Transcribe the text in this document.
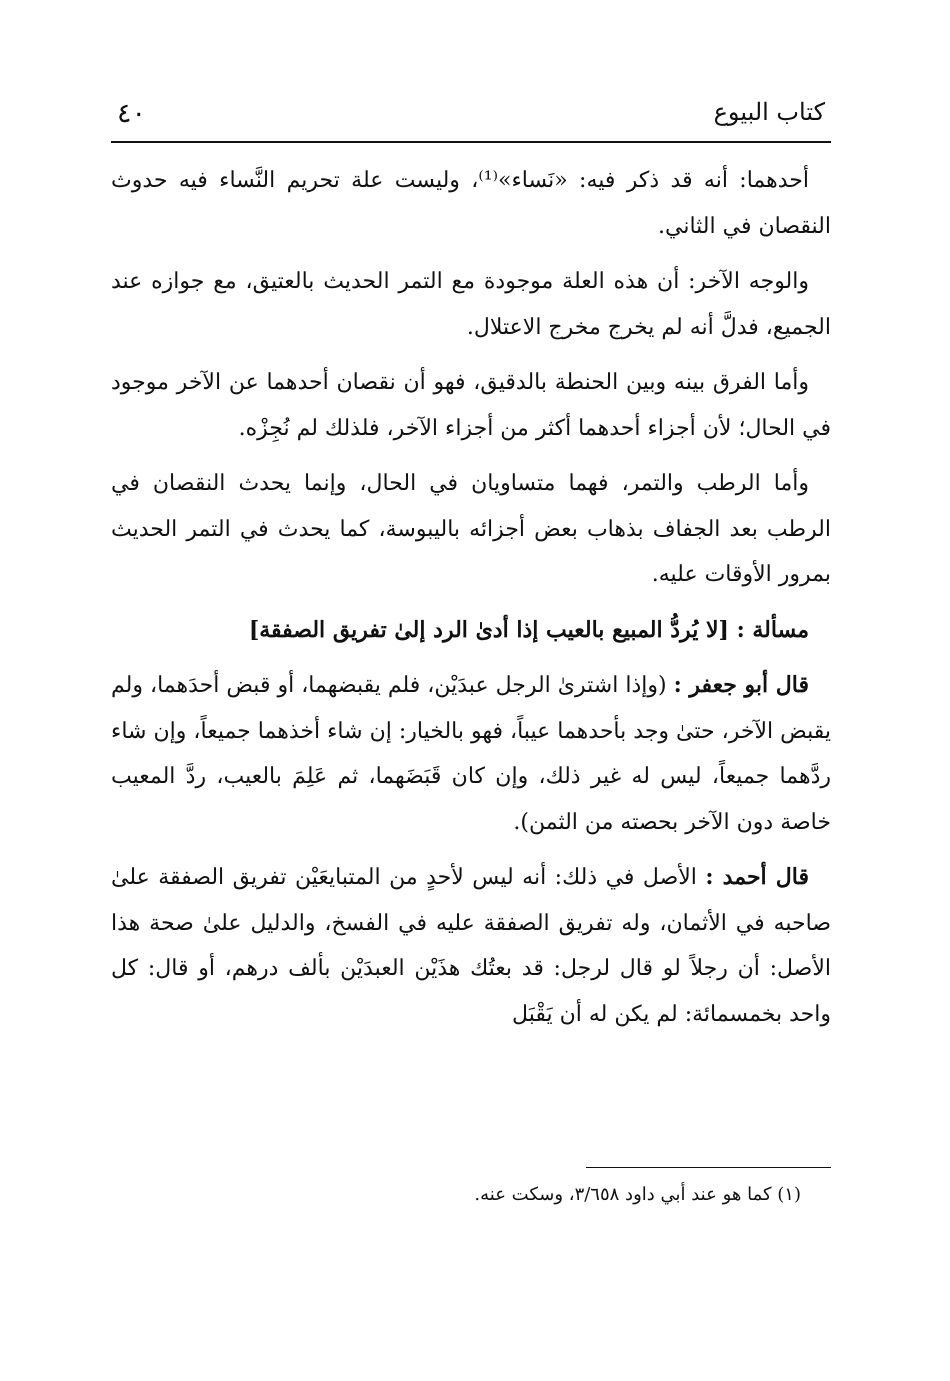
٤٠	كتاب البيوع

أحدهما: أنه قد ذكر فيه: «نَساء»⁽¹⁾، وليست علة تحريم النَّساء فيه حدوث النقصان في الثاني.

والوجه الآخر: أن هذه العلة موجودة مع التمر الحديث بالعتيق، مع جوازه عند الجميع، فدلَّ أنه لم يخرج مخرج الاعتلال.

وأما الفرق بينه وبين الحنطة بالدقيق، فهو أن نقصان أحدهما عن الآخر موجود في الحال؛ لأن أجزاء أحدهما أكثر من أجزاء الآخر، فلذلك لم نُجِزْه.

وأما الرطب والتمر، فهما متساويان في الحال، وإنما يحدث النقصان في الرطب بعد الجفاف بذهاب بعض أجزائه باليبوسة، كما يحدث في التمر الحديث بمرور الأوقات عليه.

مسألة : [لا يُردُّ المبيع بالعيب إذا أدىٰ الرد إلىٰ تفريق الصفقة]

قال أبو جعفر : (وإذا اشترىٰ الرجل عبدَيْن، فلم يقبضهما، أو قبض أحدَهما، ولم يقبض الآخر، حتىٰ وجد بأحدهما عيباً، فهو بالخيار: إن شاء أخذهما جميعاً، وإن شاء ردَّهما جميعاً، ليس له غير ذلك، وإن كان قَبَضَهما، ثم عَلِمَ بالعيب، ردَّ المعيب خاصة دون الآخر بحصته من الثمن).

قال أحمد : الأصل في ذلك: أنه ليس لأحدٍ من المتبايعَيْن تفريق الصفقة علىٰ صاحبه في الأثمان، وله تفريق الصفقة عليه في الفسخ، والدليل علىٰ صحة هذا الأصل: أن رجلاً لو قال لرجل: قد بعتُك هذَيْن العبدَيْن بألف درهم، أو قال: كل واحد بخمسمائة: لم يكن له أن يَقْبَل

(١) كما هو عند أبي داود ٣/٦٥٨، وسكت عنه.
